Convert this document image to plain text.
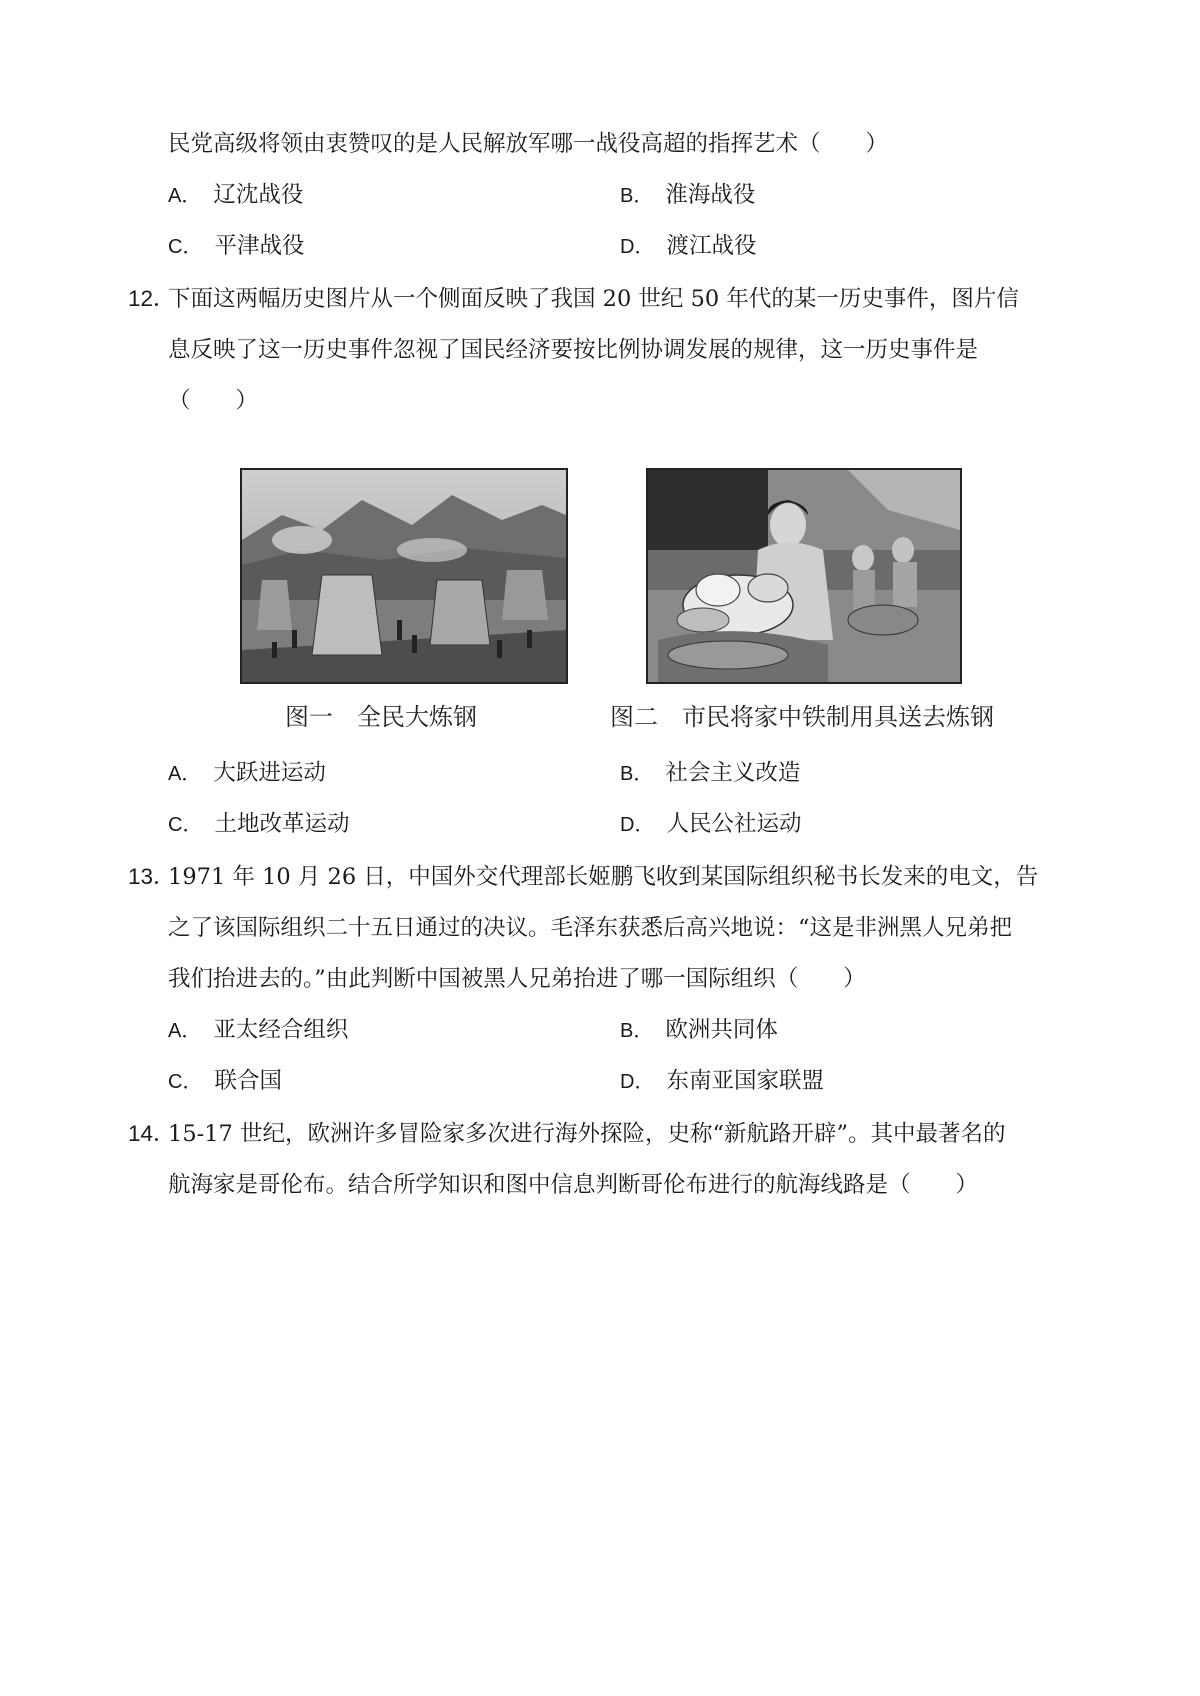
民党高级将领由衷赞叹的是人民解放军哪一战役高超的指挥艺术（　　）
A． 辽沈战役	B． 淮海战役
C． 平津战役	D． 渡江战役
12．
下面这两幅历史图片从一个侧面反映了我国 20 世纪 50 年代的某一历史事件，图片信
息反映了这一历史事件忽视了国民经济要按比例协调发展的规律，这一历史事件是
（　　）
图一　全民大炼钢	图二　市民将家中铁制用具送去炼钢
A． 大跃进运动	B． 社会主义改造
C． 土地改革运动	D． 人民公社运动
13．
1971 年 10 月 26 日，中国外交代理部长姬鹏飞收到某国际组织秘书长发来的电文，告
之了该国际组织二十五日通过的决议。毛泽东获悉后高兴地说：“这是非洲黑人兄弟把
我们抬进去的。”由此判断中国被黑人兄弟抬进了哪一国际组织（　　）
A． 亚太经合组织	B． 欧洲共同体
C． 联合国	D． 东南亚国家联盟
14．
15-17 世纪，欧洲许多冒险家多次进行海外探险，史称“新航路开辟”。其中最著名的
航海家是哥伦布。结合所学知识和图中信息判断哥伦布进行的航海线路是（　　）
